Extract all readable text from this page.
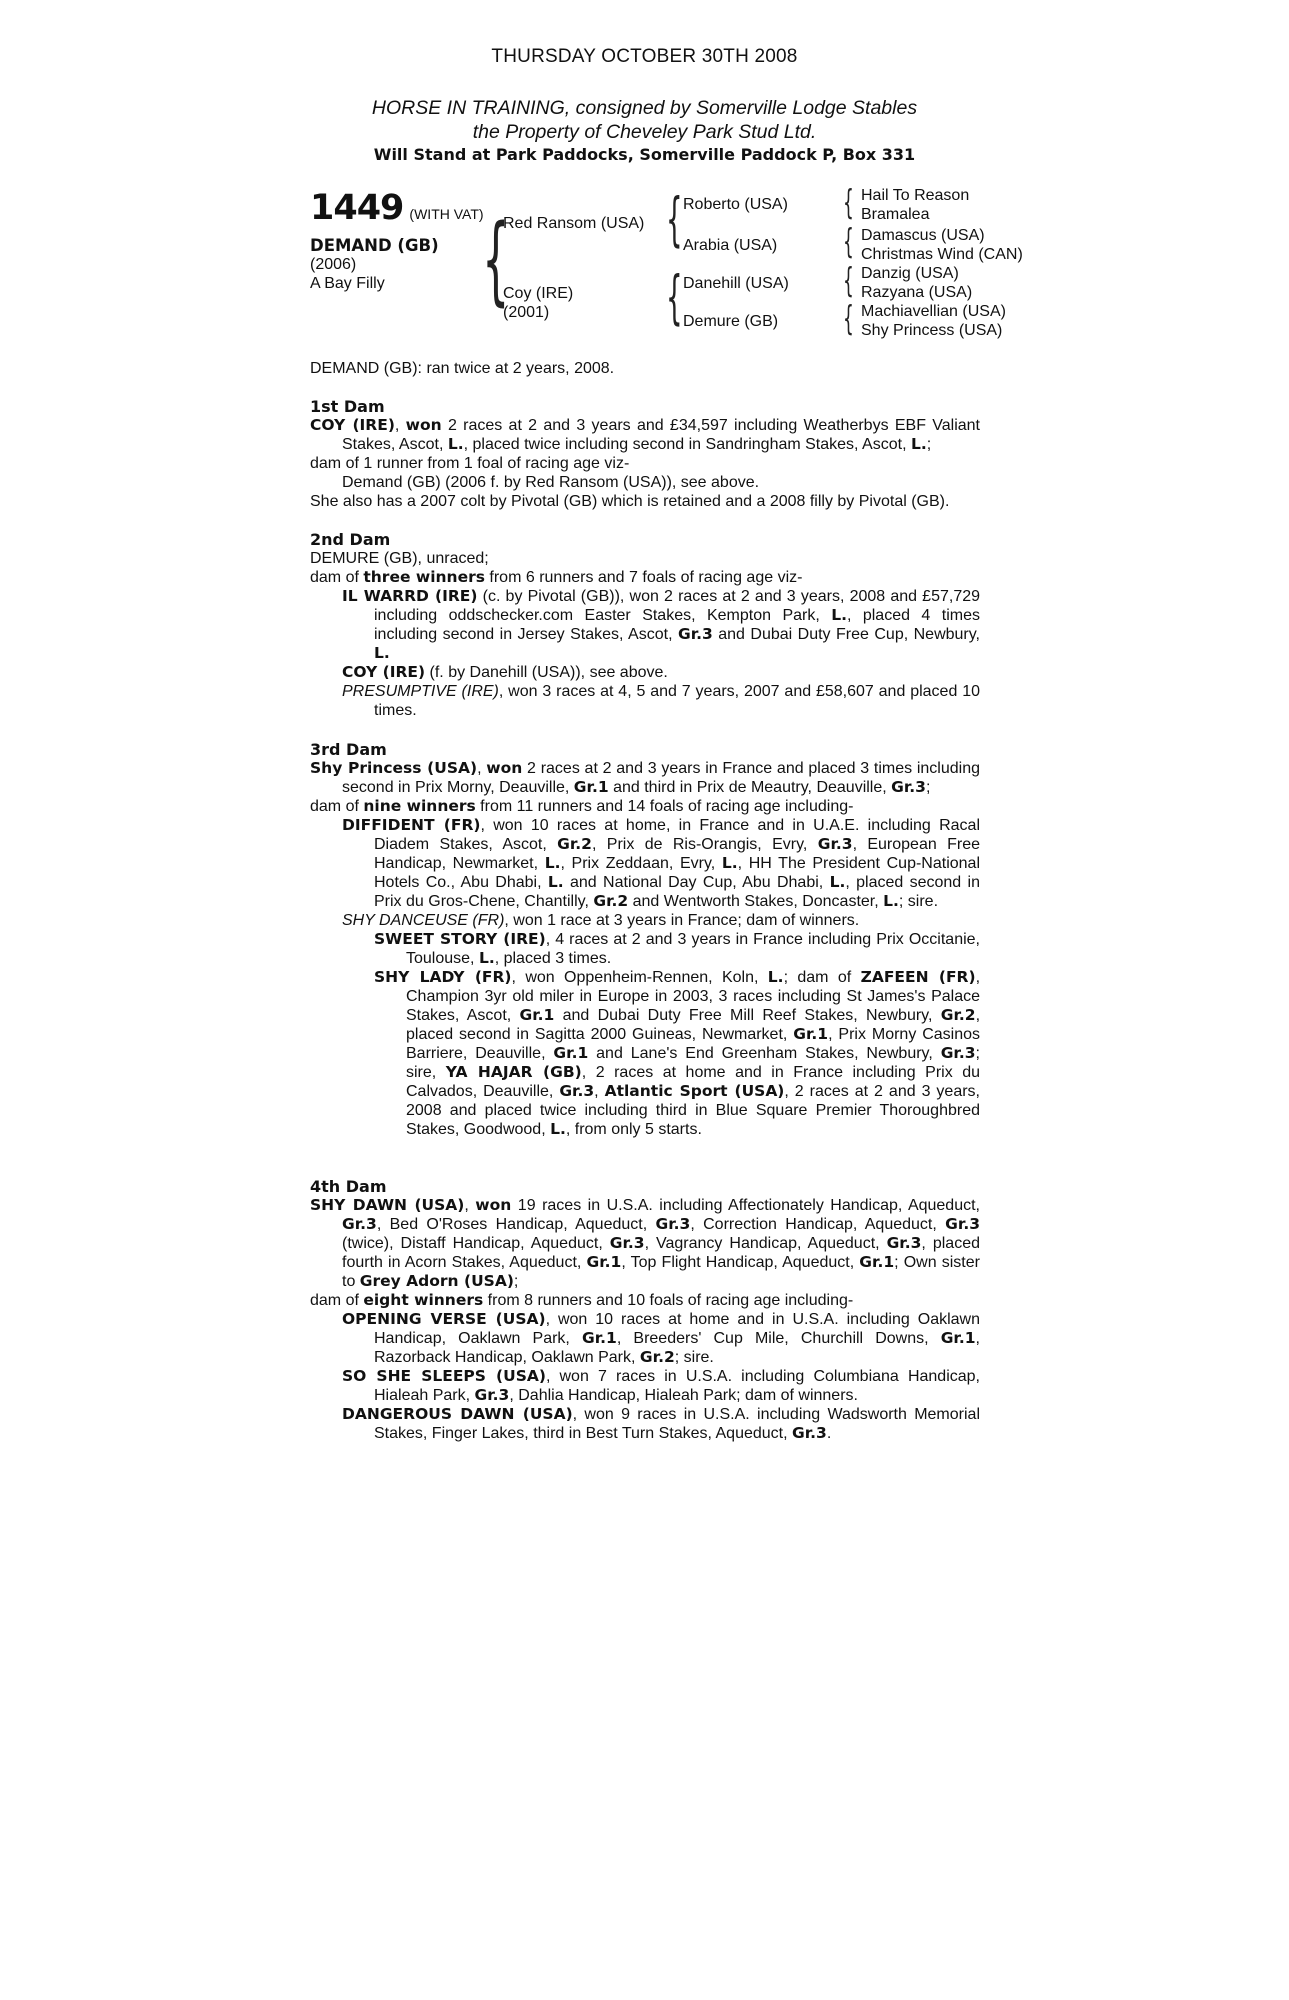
THURSDAY OCTOBER 30TH 2008
HORSE IN TRAINING, consigned by Somerville Lodge Stables
the Property of Cheveley Park Stud Ltd.
Will Stand at Park Paddocks, Somerville Paddock P, Box 331
1449 (WITH VAT)
DEMAND (GB)
(2006)
A Bay Filly {
Red Ransom (USA)
Coy (IRE)
(2001)
{ Roberto (USA)
Arabia (USA)
{ Danehill (USA)
Demure (GB)
{ Hail To Reason
Bramalea
{ Damascus (USA)
Christmas Wind (CAN)
{ Danzig (USA)
Razyana (USA)
{ Machiavellian (USA)
Shy Princess (USA)
DEMAND (GB): ran twice at 2 years, 2008.

1st Dam

COY (IRE), won 2 races at 2 and 3 years and £34,597 including Weatherbys EBF Valiant Stakes, Ascot, L., placed twice including second in Sandringham Stakes, Ascot, L.;

dam of 1 runner from 1 foal of racing age viz-

Demand (GB) (2006 f. by Red Ransom (USA)), see above.

She also has a 2007 colt by Pivotal (GB) which is retained and a 2008 filly by Pivotal (GB).

2nd Dam

DEMURE (GB), unraced;

dam of three winners from 6 runners and 7 foals of racing age viz-

IL WARRD (IRE) (c. by Pivotal (GB)), won 2 races at 2 and 3 years, 2008 and £57,729 including oddschecker.com Easter Stakes, Kempton Park, L., placed 4 times including second in Jersey Stakes, Ascot, Gr.3 and Dubai Duty Free Cup, Newbury, L.

COY (IRE) (f. by Danehill (USA)), see above.

PRESUMPTIVE (IRE), won 3 races at 4, 5 and 7 years, 2007 and £58,607 and placed 10 times.

3rd Dam

Shy Princess (USA), won 2 races at 2 and 3 years in France and placed 3 times including second in Prix Morny, Deauville, Gr.1 and third in Prix de Meautry, Deauville, Gr.3;

dam of nine winners from 11 runners and 14 foals of racing age including-

DIFFIDENT (FR), won 10 races at home, in France and in U.A.E. including Racal Diadem Stakes, Ascot, Gr.2, Prix de Ris-Orangis, Evry, Gr.3, European Free Handicap, Newmarket, L., Prix Zeddaan, Evry, L., HH The President Cup-National Hotels Co., Abu Dhabi, L. and National Day Cup, Abu Dhabi, L., placed second in Prix du Gros-Chene, Chantilly, Gr.2 and Wentworth Stakes, Doncaster, L.; sire.

SHY DANCEUSE (FR), won 1 race at 3 years in France; dam of winners.

SWEET STORY (IRE), 4 races at 2 and 3 years in France including Prix Occitanie, Toulouse, L., placed 3 times.

SHY LADY (FR), won Oppenheim-Rennen, Koln, L.; dam of ZAFEEN (FR), Champion 3yr old miler in Europe in 2003, 3 races including St James's Palace Stakes, Ascot, Gr.1 and Dubai Duty Free Mill Reef Stakes, Newbury, Gr.2, placed second in Sagitta 2000 Guineas, Newmarket, Gr.1, Prix Morny Casinos Barriere, Deauville, Gr.1 and Lane's End Greenham Stakes, Newbury, Gr.3; sire, YA HAJAR (GB), 2 races at home and in France including Prix du Calvados, Deauville, Gr.3, Atlantic Sport (USA), 2 races at 2 and 3 years, 2008 and placed twice including third in Blue Square Premier Thoroughbred Stakes, Goodwood, L., from only 5 starts.

4th Dam

SHY DAWN (USA), won 19 races in U.S.A. including Affectionately Handicap, Aqueduct, Gr.3, Bed O'Roses Handicap, Aqueduct, Gr.3, Correction Handicap, Aqueduct, Gr.3 (twice), Distaff Handicap, Aqueduct, Gr.3, Vagrancy Handicap, Aqueduct, Gr.3, placed fourth in Acorn Stakes, Aqueduct, Gr.1, Top Flight Handicap, Aqueduct, Gr.1; Own sister to Grey Adorn (USA);

dam of eight winners from 8 runners and 10 foals of racing age including-

OPENING VERSE (USA), won 10 races at home and in U.S.A. including Oaklawn Handicap, Oaklawn Park, Gr.1, Breeders' Cup Mile, Churchill Downs, Gr.1, Razorback Handicap, Oaklawn Park, Gr.2; sire.

SO SHE SLEEPS (USA), won 7 races in U.S.A. including Columbiana Handicap, Hialeah Park, Gr.3, Dahlia Handicap, Hialeah Park; dam of winners.

DANGEROUS DAWN (USA), won 9 races in U.S.A. including Wadsworth Memorial Stakes, Finger Lakes, third in Best Turn Stakes, Aqueduct, Gr.3.
